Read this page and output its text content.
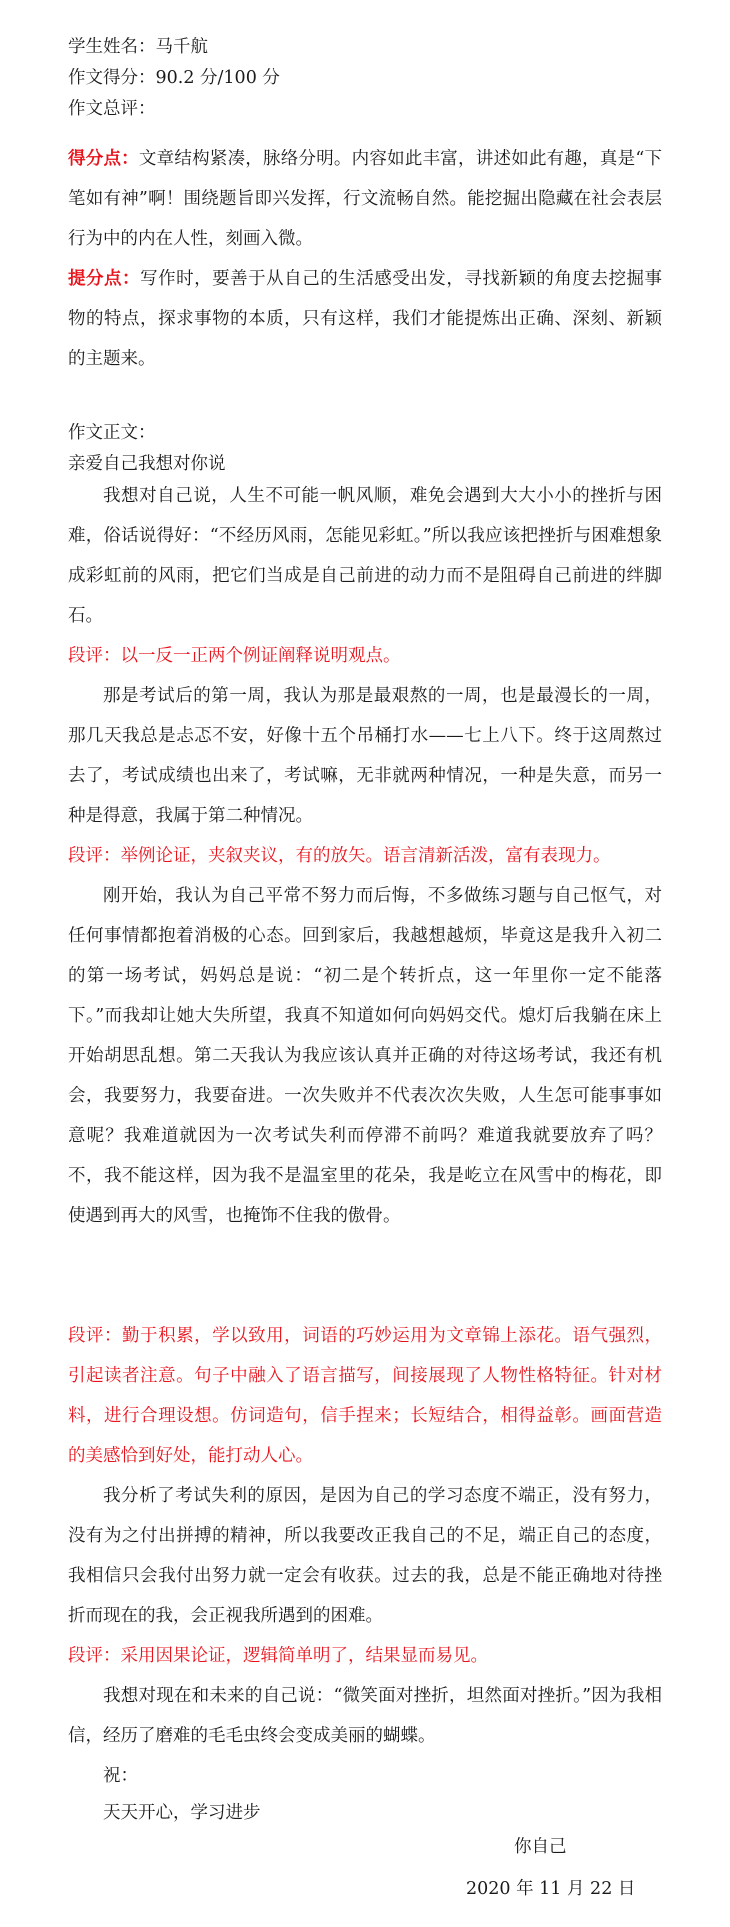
学生姓名：马千航
作文得分：90.2 分/100 分
作文总评：
得分点：文章结构紧凑，脉络分明。内容如此丰富，讲述如此有趣，真是“下笔如有神”啊！围绕题旨即兴发挥，行文流畅自然。能挖掘出隐藏在社会表层行为中的内在人性，刻画入微。
提分点：写作时，要善于从自己的生活感受出发，寻找新颖的角度去挖掘事物的特点，探求事物的本质，只有这样，我们才能提炼出正确、深刻、新颖的主题来。
作文正文：
亲爱自己我想对你说
我想对自己说，人生不可能一帆风顺，难免会遇到大大小小的挫折与困难，俗话说得好：“不经历风雨，怎能见彩虹。”所以我应该把挫折与困难想象成彩虹前的风雨，把它们当成是自己前进的动力而不是阻碍自己前进的绊脚石。
段评：以一反一正两个例证阐释说明观点。
那是考试后的第一周，我认为那是最艰熬的一周，也是最漫长的一周，那几天我总是忐忑不安，好像十五个吊桶打水——七上八下。终于这周熬过去了，考试成绩也出来了，考试嘛，无非就两种情况，一种是失意，而另一种是得意，我属于第二种情况。
段评：举例论证，夹叙夹议，有的放矢。语言清新活泼，富有表现力。
刚开始，我认为自己平常不努力而后悔，不多做练习题与自己怄气，对任何事情都抱着消极的心态。回到家后，我越想越烦，毕竟这是我升入初二的第一场考试，妈妈总是说：“初二是个转折点，这一年里你一定不能落下。”而我却让她大失所望，我真不知道如何向妈妈交代。熄灯后我躺在床上开始胡思乱想。第二天我认为我应该认真并正确的对待这场考试，我还有机会，我要努力，我要奋进。一次失败并不代表次次失败，人生怎可能事事如意呢？我难道就因为一次考试失利而停滞不前吗？难道我就要放弃了吗？不，我不能这样，因为我不是温室里的花朵，我是屹立在风雪中的梅花，即使遇到再大的风雪，也掩饰不住我的傲骨。
段评：勤于积累，学以致用，词语的巧妙运用为文章锦上添花。语气强烈，引起读者注意。句子中融入了语言描写，间接展现了人物性格特征。针对材料，进行合理设想。仿词造句，信手捏来；长短结合，相得益彰。画面营造的美感恰到好处，能打动人心。
我分析了考试失利的原因，是因为自己的学习态度不端正，没有努力，没有为之付出拼搏的精神，所以我要改正我自己的不足，端正自己的态度，我相信只会我付出努力就一定会有收获。过去的我，总是不能正确地对待挫折而现在的我，会正视我所遇到的困难。
段评：采用因果论证，逻辑简单明了，结果显而易见。
我想对现在和未来的自己说：“微笑面对挫折，坦然面对挫折。”因为我相信，经历了磨难的毛毛虫终会变成美丽的蝴蝶。
祝：
天天开心，学习进步
你自己
2020 年 11 月 22 日
